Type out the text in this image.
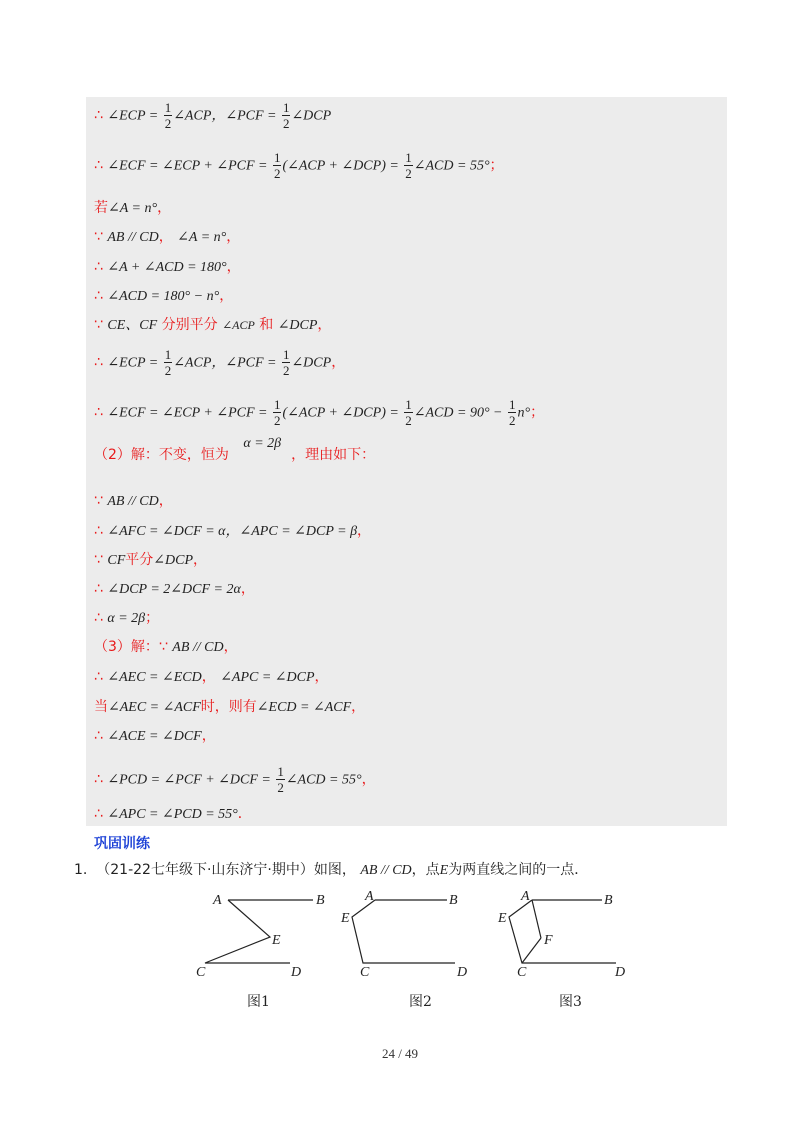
∴ ∠ECP = $\frac{1}{2}$ ∠ACP，∠PCF = $\frac{1}{2}$ ∠DCP
∴ ∠ECF = ∠ECP + ∠PCF = $\frac{1}{2}$ (∠ACP + ∠DCP) = $\frac{1}{2}$ ∠ACD = 55°；
若∠A = n°，
∵ AB // CD， ∠A = n°，
∴ ∠A + ∠ACD = 180°，
∴ ∠ACD = 180° − n°，
∵ CE、CF 分别平分 ∠ACP 和 ∠DCP，
∴ ∠ECP = $\frac{1}{2}$ ∠ACP，∠PCF = $\frac{1}{2}$ ∠DCP，
∴ ∠ECF = ∠ECP + ∠PCF = $\frac{1}{2}$ (∠ACP + ∠DCP) = $\frac{1}{2}$ ∠ACD = $90^\circ - \frac{1}{2} n^\circ$；
（2）解：不变，恒为 α = 2β，理由如下：
∵ AB // CD，
∴ ∠AFC = ∠DCF = α，∠APC = ∠DCP = β，
∵ CF平分∠DCP，
∴ ∠DCP = 2∠DCF = 2α，
∴ α = 2β；
（3）解：∵ AB // CD，
∴ ∠AEC = ∠ECD， ∠APC = ∠DCP，
当∠AEC = ∠ACF时，则有∠ECD = ∠ACF，
∴ ∠ACE = ∠DCF，
∴ ∠PCD = ∠PCF + ∠DCF = $\frac{1}{2}$ ∠ACD = 55°，
∴ ∠APC = ∠PCD = 55°．
巩固训练
1. （21-22七年级下·山东济宁·期中）如图， AB // CD，点E为两直线之间的一点．
A	B
E
C	D
图1
A	B
E
C	D
图2
A	B
E
F
C	D
图3
24 / 49
